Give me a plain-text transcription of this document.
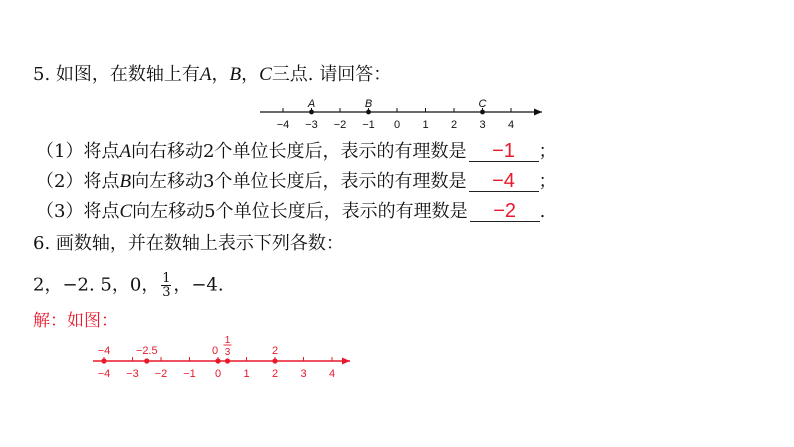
5. 如图，在数轴上有A，B，C三点. 请回答：
−4 −3 −2 −1 0 1 2 3 4
A	B	C
（1）将点A向右移动2个单位长度后，表示的有理数是 −1 ；
（2）将点B向左移动3个单位长度后，表示的有理数是 −4 ；
（3）将点C向左移动5个单位长度后，表示的有理数是 −2 .
6. 画数轴，并在数轴上表示下列各数：
2，−2. 5，0， $\frac{1}{3}$ ，−4.
解：如图：
−4 −3 −2 −1 0 1 2 3 4
−4 −2.5	0
1
3	2
